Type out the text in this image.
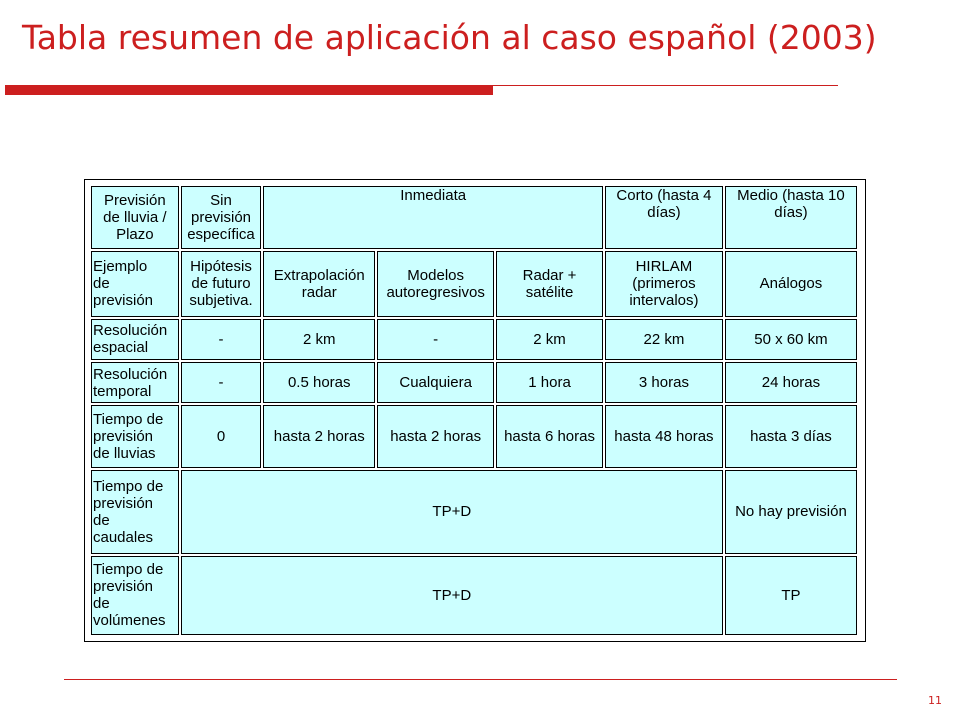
Tabla resumen de aplicación al caso español (2003)
Previsión
de lluvia /
Plazo	Sin
previsión
específica	Inmediata			Corto (hasta 4
días)	Medio (hasta 10
días)
Ejemplo
de
previsión	Hipótesis
de futuro
subjetiva.	Extrapolación
radar	Modelos
autoregresivos	Radar +
satélite	HIRLAM
(primeros
intervalos)	Análogos
Resolución
espacial	-	2 km	-	2 km	22 km	50 x 60 km
Resolución
temporal	-	0.5 horas	Cualquiera	1 hora	3 horas	24 horas
Tiempo de
previsión
de lluvias	0	hasta 2 horas	hasta 2 horas	hasta 6 horas	hasta 48 horas	hasta 3 días
Tiempo de
previsión
de
caudales	TP+D					No hay previsión
Tiempo de
previsión
de
volúmenes	TP+D					TP
11
